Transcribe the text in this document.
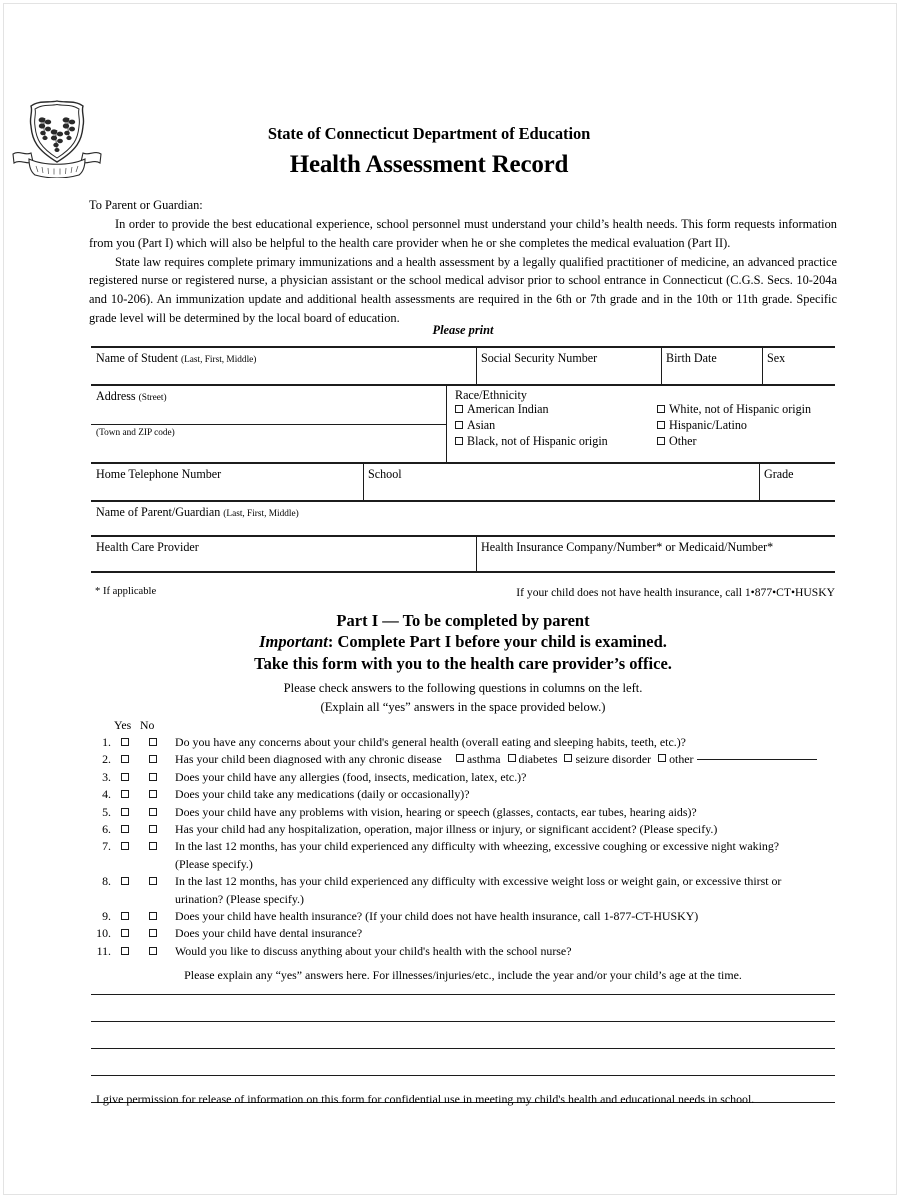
State of Connecticut Department of Education
Health Assessment Record

To Parent or Guardian:

In order to provide the best educational experience, school personnel must understand your child’s health needs. This form requests information from you (Part I) which will also be helpful to the health care provider when he or she completes the medical evaluation (Part II).

State law requires complete primary immunizations and a health assessment by a legally qualified practitioner of medicine, an advanced practice registered nurse or registered nurse, a physician assistant or the school medical advisor prior to school entrance in Connecticut (C.G.S. Secs. 10-204a and 10-206). An immunization update and additional health assessments are required in the 6th or 7th grade and in the 10th or 11th grade. Specific grade level will be determined by the local board of education.

Please print
Name of Student (Last, First, Middle)	Social Security Number	Birth Date	Sex
Address (Street)
(Town and ZIP code)
Race/Ethnicity
American Indian	White, not of Hispanic origin
Asian	Hispanic/Latino
Black, not of Hispanic origin	Other
Home Telephone Number	School	Grade
Name of Parent/Guardian (Last, First, Middle)
Health Care Provider	Health Insurance Company/Number* or Medicaid/Number*
* If applicable	If your child does not have health insurance, call 1•877•CT•HUSKY
Part I — To be completed by parent
Important: Complete Part I before your child is examined.
Take this form with you to the health care provider’s office.
Please check answers to the following questions in columns on the left.
(Explain all “yes” answers in the space provided below.)
Yes No
1.	Do you have any concerns about your child's general health (overall eating and sleeping habits, teeth, etc.)?
2.	Has your child been diagnosed with any chronic disease asthma diabetes seizure disorder other
3.	Does your child have any allergies (food, insects, medication, latex, etc.)?
4.	Does your child take any medications (daily or occasionally)?
5.	Does your child have any problems with vision, hearing or speech (glasses, contacts, ear tubes, hearing aids)?
6.	Has your child had any hospitalization, operation, major illness or injury, or significant accident? (Please specify.)
7.	In the last 12 months, has your child experienced any difficulty with wheezing, excessive coughing or excessive night waking?
(Please specify.)
8.	In the last 12 months, has your child experienced any difficulty with excessive weight loss or weight gain, or excessive thirst or
urination? (Please specify.)
9.	Does your child have health insurance? (If your child does not have health insurance, call 1-877-CT-HUSKY)
10.	Does your child have dental insurance?
11.	Would you like to discuss anything about your child's health with the school nurse?
Please explain any “yes” answers here. For illnesses/injuries/etc., include the year and/or your child’s age at the time.
I give permission for release of information on this form for confidential use in meeting my child's health and educational needs in school.
